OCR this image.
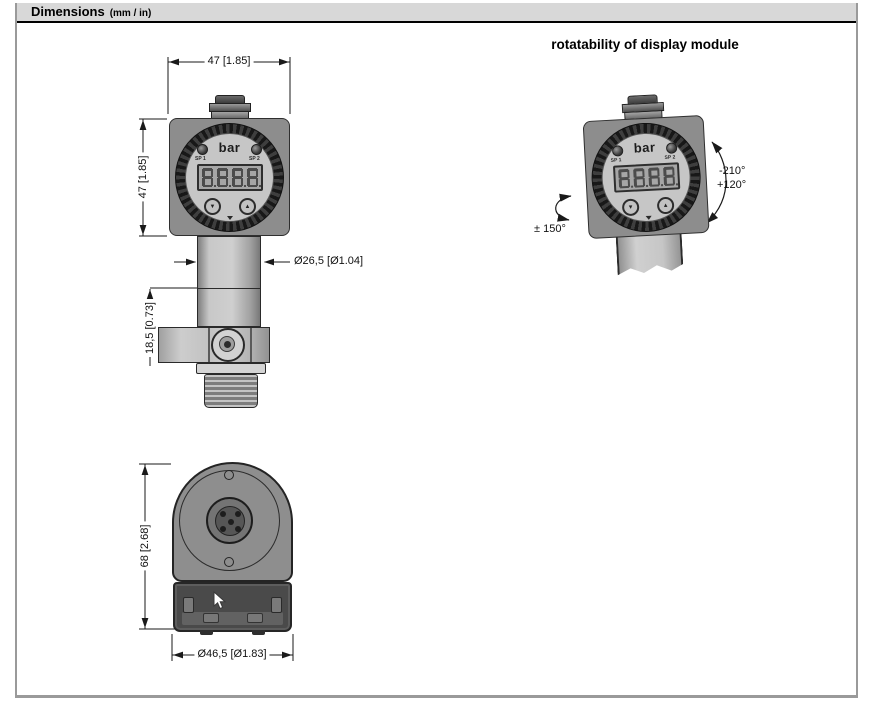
Dimensions (mm / in)
bar
SP 1	SP 2
▼	▲
47 [1.85]
47 [1.85]
Ø26,5 [Ø1.04]
18,5 [0.73]
rotatability of display module
bar
SP 1	SP 2
▼	▲
-210°
+120°
± 150°
68 [2.68]
Ø46,5 [Ø1.83]
